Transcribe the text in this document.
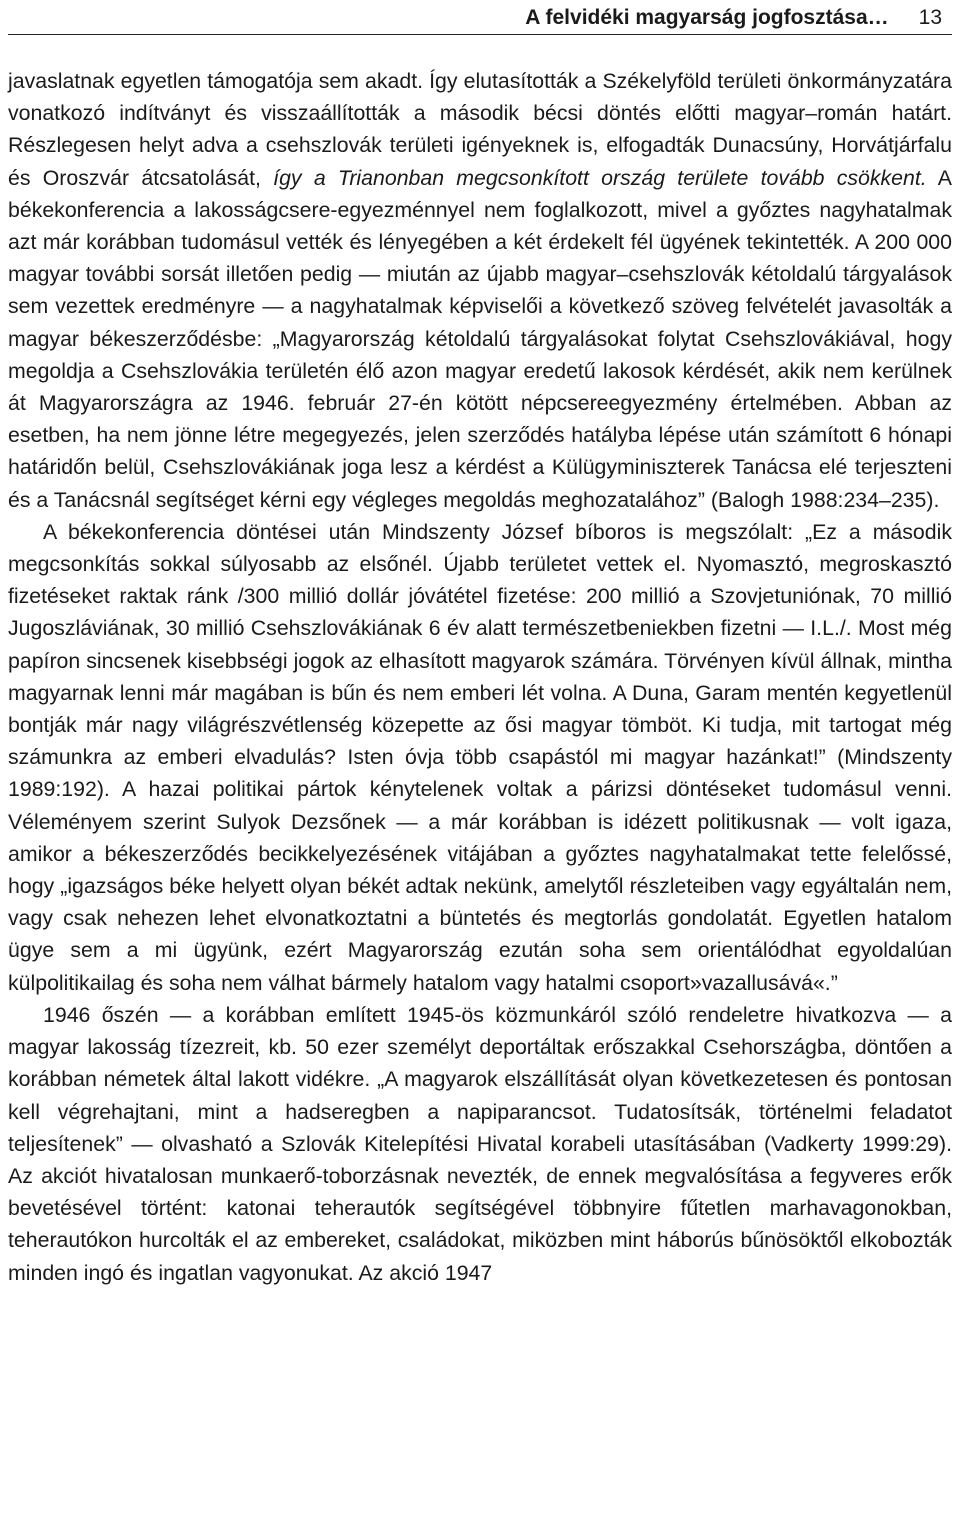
A felvidéki magyarság jogfosztása… 13

javaslatnak egyetlen támogatója sem akadt. Így elutasították a Székelyföld területi önkormányzatára vonatkozó indítványt és visszaállították a második bécsi döntés előtti magyar–román határt. Részlegesen helyt adva a csehszlovák területi igényeknek is, elfogadták Dunacsúny, Horvátjárfalu és Oroszvár átcsatolását, így a Trianonban megcsonkított ország területe tovább csökkent. A békekonferencia a lakosságcsere-egyezménnyel nem foglalkozott, mivel a győztes nagyhatalmak azt már korábban tudomásul vették és lényegében a két érdekelt fél ügyének tekintették. A 200 000 magyar további sorsát illetően pedig — miután az újabb magyar–csehszlovák kétoldalú tárgyalások sem vezettek eredményre — a nagyhatalmak képviselői a következő szöveg felvételét javasolták a magyar békeszerződésbe: „Magyarország kétoldalú tárgyalásokat folytat Csehszlovákiával, hogy megoldja a Csehszlovákia területén élő azon magyar eredetű lakosok kérdését, akik nem kerülnek át Magyarországra az 1946. február 27-én kötött népcsereegyezmény értelmében. Abban az esetben, ha nem jönne létre megegyezés, jelen szerződés hatályba lépése után számított 6 hónapi határidőn belül, Csehszlovákiának joga lesz a kérdést a Külügyminiszterek Tanácsa elé terjeszteni és a Tanácsnál segítséget kérni egy végleges megoldás meghozatalához” (Balogh 1988:234–235).

A békekonferencia döntései után Mindszenty József bíboros is megszólalt: „Ez a második megcsonkítás sokkal súlyosabb az elsőnél. Újabb területet vettek el. Nyomasztó, megroskasztó fizetéseket raktak ránk /300 millió dollár jóvátétel fizetése: 200 millió a Szovjetuniónak, 70 millió Jugoszláviának, 30 millió Csehszlovákiának 6 év alatt természetbeniekben fizetni — I.L./. Most még papíron sincsenek kisebbségi jogok az elhasított magyarok számára. Törvényen kívül állnak, mintha magyarnak lenni már magában is bűn és nem emberi lét volna. A Duna, Garam mentén kegyetlenül bontják már nagy világrészvétlenség közepette az ősi magyar tömböt. Ki tudja, mit tartogat még számunkra az emberi elvadulás? Isten óvja több csapástól mi magyar hazánkat!” (Mindszenty 1989:192). A hazai politikai pártok kénytelenek voltak a párizsi döntéseket tudomásul venni. Véleményem szerint Sulyok Dezsőnek — a már korábban is idézett politikusnak — volt igaza, amikor a békeszerződés becikkelyezésének vitájában a győztes nagyhatalmakat tette felelőssé, hogy „igazságos béke helyett olyan békét adtak nekünk, amelytől részleteiben vagy egyáltalán nem, vagy csak nehezen lehet elvonatkoztatni a büntetés és megtorlás gondolatát. Egyetlen hatalom ügye sem a mi ügyünk, ezért Magyarország ezután soha sem orientálódhat egyoldalúan külpolitikailag és soha nem válhat bármely hatalom vagy hatalmi csoport»vazallusává«.”

1946 őszén — a korábban említett 1945-ös közmunkáról szóló rendeletre hivatkozva — a magyar lakosság tízezreit, kb. 50 ezer személyt deportáltak erőszakkal Csehországba, döntően a korábban németek által lakott vidékre. „A magyarok elszállítását olyan következetesen és pontosan kell végrehajtani, mint a hadseregben a napiparancsot. Tudatosítsák, történelmi feladatot teljesítenek” — olvasható a Szlovák Kitelepítési Hivatal korabeli utasításában (Vadkerty 1999:29). Az akciót hivatalosan munkaerő-toborzásnak nevezték, de ennek megvalósítása a fegyveres erők bevetésével történt: katonai teherautók segítségével többnyire fűtetlen marhavagonokban, teherautókon hurcolták el az embereket, családokat, miközben mint háborús bűnösöktől elkobozták minden ingó és ingatlan vagyonukat. Az akció 1947
